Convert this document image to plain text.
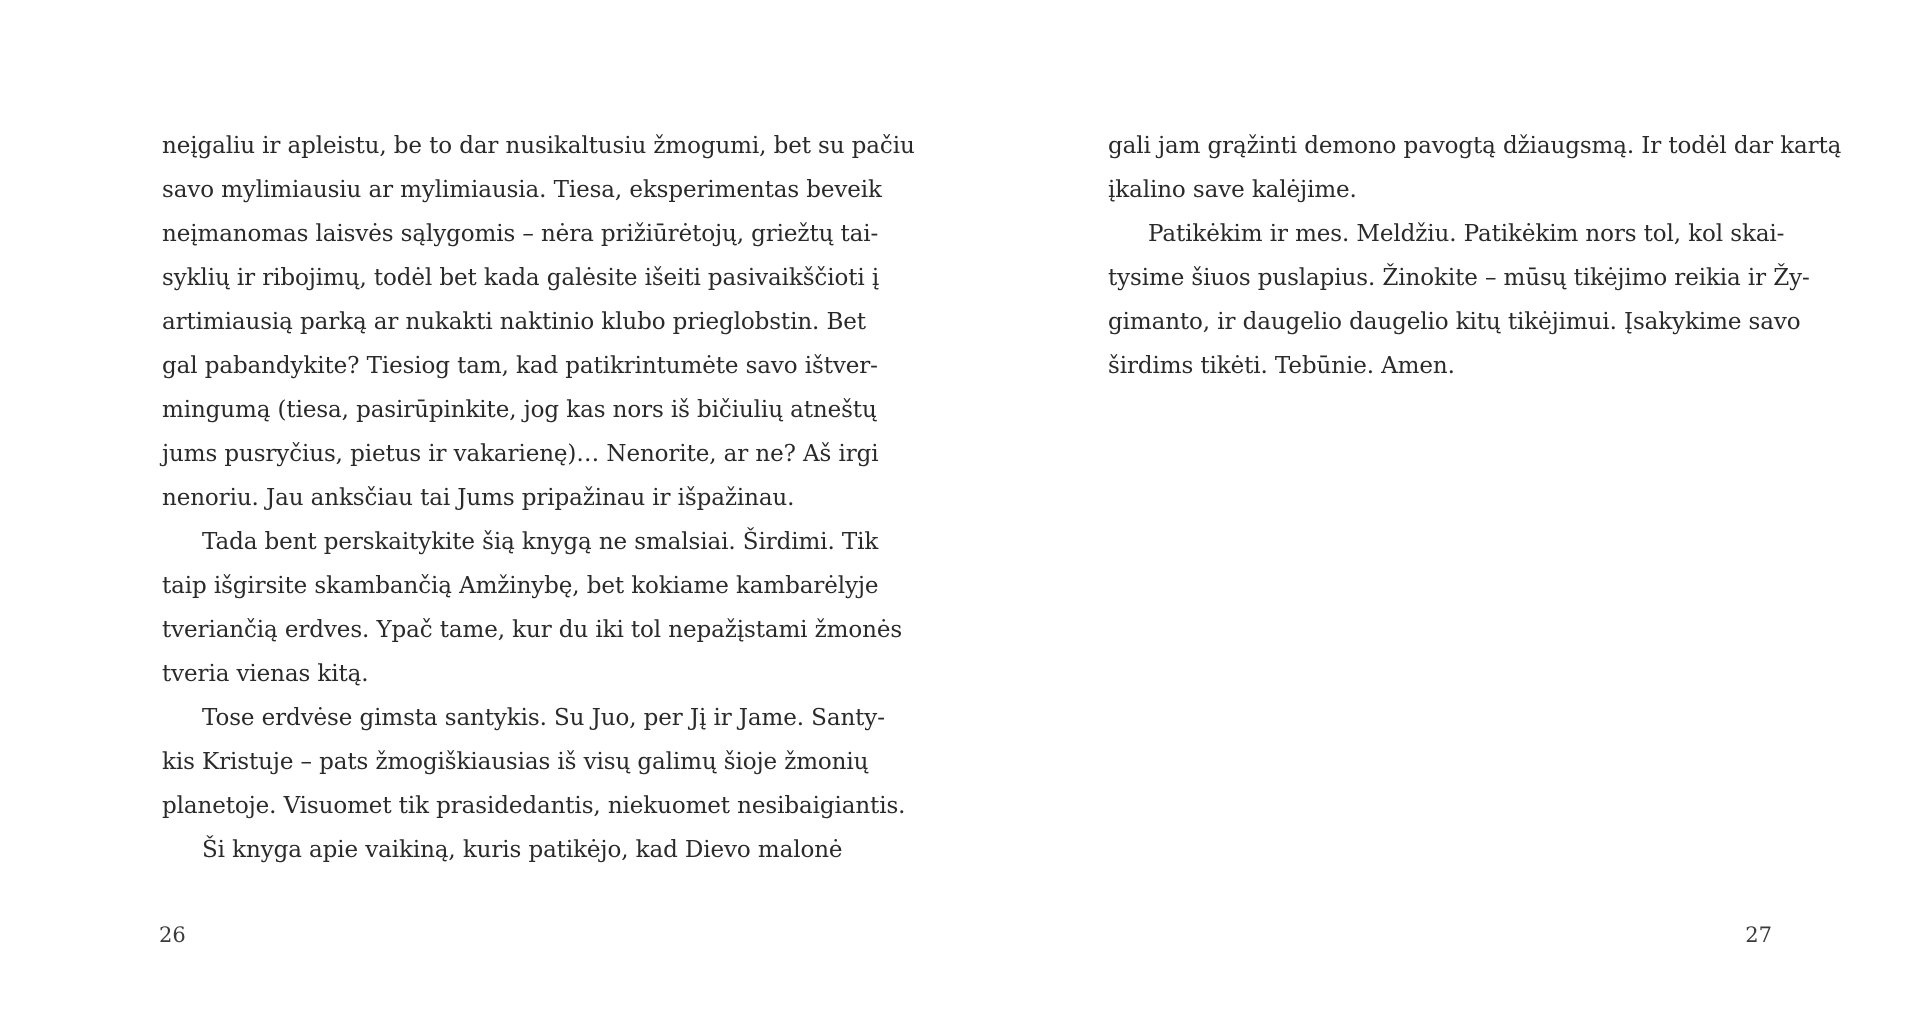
neįgaliu ir apleistu, be to dar nusikaltusiu žmogumi, bet su pačiu
savo mylimiausiu ar mylimiausia. Tiesa, eksperimentas beveik
neįmanomas laisvės sąlygomis – nėra prižiūrėtojų, griežtų tai-
syklių ir ribojimų, todėl bet kada galėsite išeiti pasivaikščioti į
artimiausią parką ar nukakti naktinio klubo prieglobstin. Bet
gal pabandykite? Tiesiog tam, kad patikrintumėte savo ištver-
mingumą (tiesa, pasirūpinkite, jog kas nors iš bičiulių atneštų
jums pusryčius, pietus ir vakarienę)… Nenorite, ar ne? Aš irgi
nenoriu. Jau anksčiau tai Jums pripažinau ir išpažinau.
Tada bent perskaitykite šią knygą ne smalsiai. Širdimi. Tik
taip išgirsite skambančią Amžinybę, bet kokiame kambarėlyje
tveriančią erdves. Ypač tame, kur du iki tol nepažįstami žmonės
tveria vienas kitą.
Tose erdvėse gimsta santykis. Su Juo, per Jį ir Jame. Santy-
kis Kristuje – pats žmogiškiausias iš visų galimų šioje žmonių
planetoje. Visuomet tik prasidedantis, niekuomet nesibaigiantis.
Ši knyga apie vaikiną, kuris patikėjo, kad Dievo malonė
26
gali jam grąžinti demono pavogtą džiaugsmą. Ir todėl dar kartą
įkalino save kalėjime.
Patikėkim ir mes. Meldžiu. Patikėkim nors tol, kol skai-
tysime šiuos puslapius. Žinokite – mūsų tikėjimo reikia ir Žy-
gimanto, ir daugelio daugelio kitų tikėjimui. Įsakykime savo
širdims tikėti. Tebūnie. Amen.
27
